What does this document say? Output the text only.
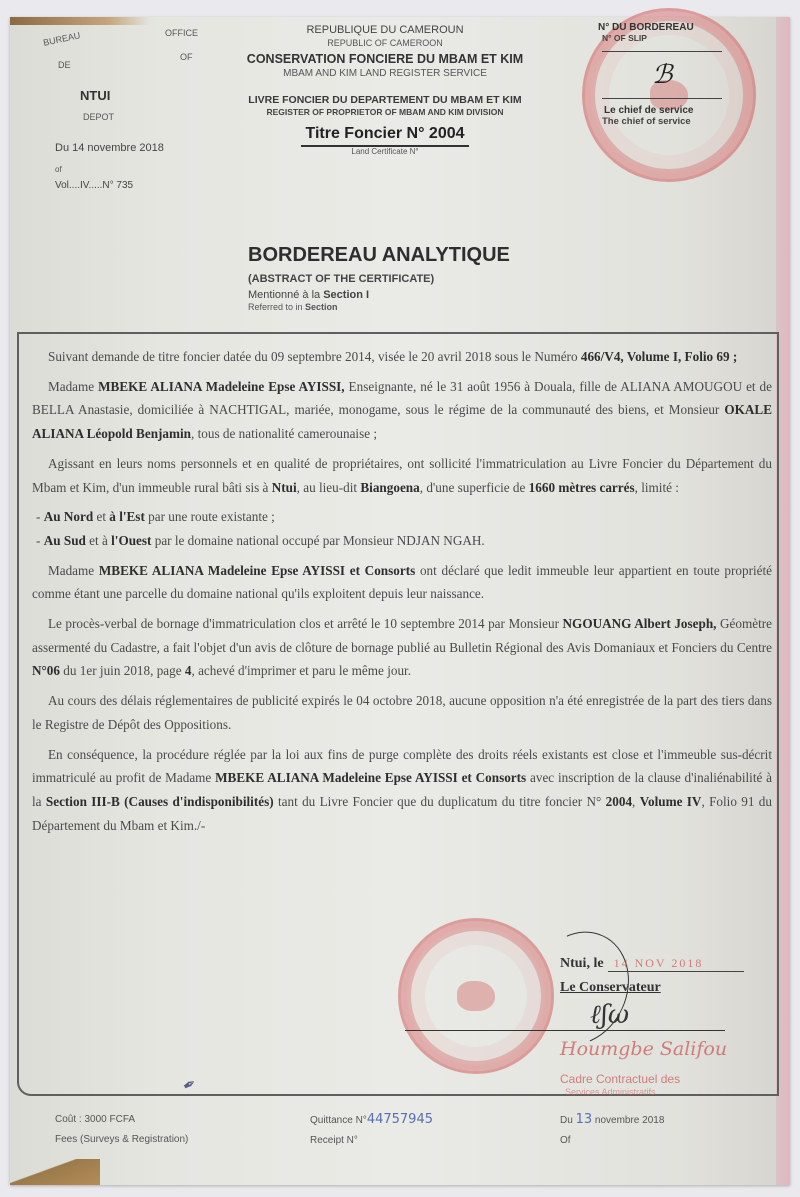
BUREAU
DE
OFFICE
OF
NTUI
DEPOT
Du 14 novembre 2018
of
Vol....IV.....N° 735
REPUBLIQUE DU CAMEROUN
REPUBLIC OF CAMEROON
CONSERVATION FONCIERE DU MBAM ET KIM
MBAM AND KIM LAND REGISTER SERVICE
LIVRE FONCIER DU DEPARTEMENT DU MBAM ET KIM
REGISTER OF PROPRIETOR OF MBAM AND KIM DIVISION
Titre Foncier N° 2004
Land Certificate N°
N° DU BORDEREAU
N° OF SLIP
ℬ
Le chief de service
The chief of service
BORDEREAU ANALYTIQUE
(ABSTRACT OF THE CERTIFICATE)
Mentionné à la Section I
Referred to in Section

Suivant demande de titre foncier datée du 09 septembre 2014, visée le 20 avril 2018 sous le Numéro 466/V4, Volume I, Folio 69 ;

Madame MBEKE ALIANA Madeleine Epse AYISSI, Enseignante, né le 31 août 1956 à Douala, fille de ALIANA AMOUGOU et de BELLA Anastasie, domiciliée à NACHTIGAL, mariée, monogame, sous le régime de la communauté des biens, et Monsieur OKALE ALIANA Léopold Benjamin, tous de nationalité camerounaise ;

Agissant en leurs noms personnels et en qualité de propriétaires, ont sollicité l'immatriculation au Livre Foncier du Département du Mbam et Kim, d'un immeuble rural bâti sis à Ntui, au lieu-dit Biangoena, d'une superficie de 1660 mètres carrés, limité :

- Au Nord et à l'Est par une route existante ;

- Au Sud et à l'Ouest par le domaine national occupé par Monsieur NDJAN NGAH.

Madame MBEKE ALIANA Madeleine Epse AYISSI et Consorts ont déclaré que ledit immeuble leur appartient en toute propriété comme étant une parcelle du domaine national qu'ils exploitent depuis leur naissance.

Le procès-verbal de bornage d'immatriculation clos et arrêté le 10 septembre 2014 par Monsieur NGOUANG Albert Joseph, Géomètre assermenté du Cadastre, a fait l'objet d'un avis de clôture de bornage publié au Bulletin Régional des Avis Domaniaux et Fonciers du Centre N°06 du 1er juin 2018, page 4, achevé d'imprimer et paru le même jour.

Au cours des délais réglementaires de publicité expirés le 04 octobre 2018, aucune opposition n'a été enregistrée de la part des tiers dans le Registre de Dépôt des Oppositions.

En conséquence, la procédure réglée par la loi aux fins de purge complète des droits réels existants est close et l'immeuble sus-décrit immatriculé au profit de Madame MBEKE ALIANA Madeleine Epse AYISSI et Consorts avec inscription de la clause d'inaliénabilité à la Section III-B (Causes d'indisponibilités) tant du Livre Foncier que du duplicatum du titre foncier N° 2004, Volume IV, Folio 91 du Département du Mbam et Kim./-

Ntui, le 14 NOV 2018
Le Conservateur
ℓʃω
Houmgbe Salifou
Cadre Contractuel des
Services Administratifs
✒
Coût : 3000 FCFA
Fees (Surveys & Registration)
Quittance N°44757945
Receipt N°
Du 13 novembre 2018
Of
